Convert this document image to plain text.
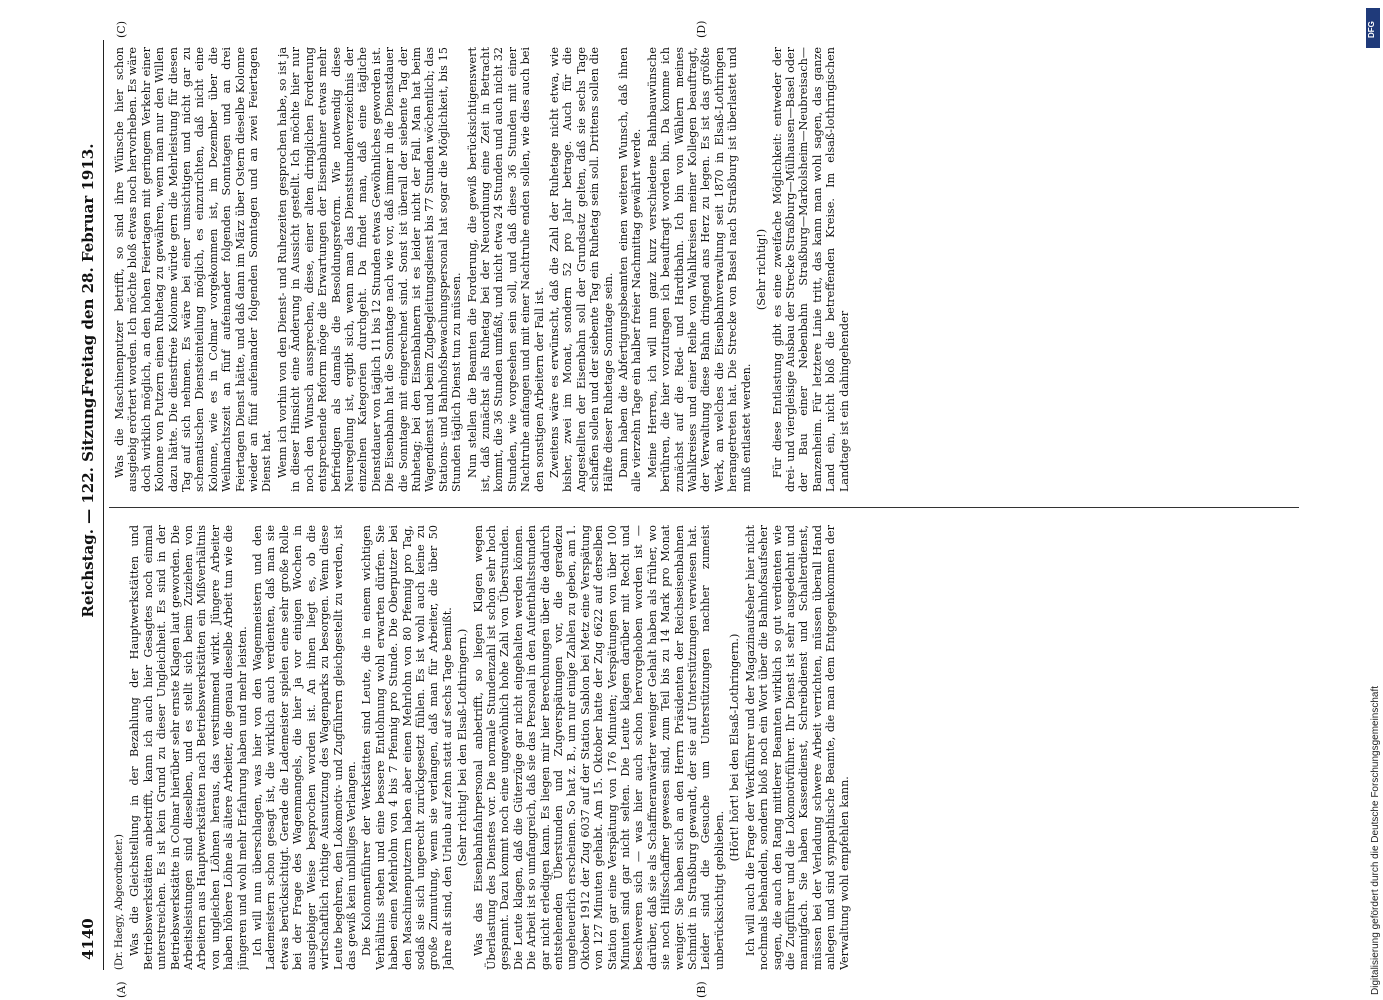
4140
Reichstag. — 122. Sitzung.
Freitag den 28. Februar 1913.

(Dr. Haegy, Abgeordneter.) Was die Gleichstellung in der Bezahlung der Hauptwerkstätten und Betriebswerkstätten anbetrifft, kann ich auch hier Gesagtes noch einmal unterstreichen. Es ist kein Grund zu dieser Ungleichheit. Es sind in der Betriebswerkstätte in Colmar hierüber sehr ernste Klagen laut geworden. Die Arbeitsleistungen sind dieselben, und es stellt sich beim Zuziehen von Arbeitern aus Hauptwerkstätten nach Betriebswerkstätten ein Mißverhältnis von ungleichen Löhnen heraus, das verstimmend wirkt. Jüngere Arbeiter haben höhere Löhne als ältere Arbeiter, die genau dieselbe Arbeit tun wie die jüngeren und wohl mehr Erfahrung haben und mehr leisten. Ich will nun überschlagen, was hier von den Wagenmeistern und den Lademeistern schon gesagt ist, die wirklich auch verdienten, daß man sie etwas berücksichtigt. Gerade die Lademeister spielen eine sehr große Rolle bei der Frage des Wagenmangels, die hier ja vor einigen Wochen in ausgiebiger Weise besprochen worden ist. An ihnen liegt es, ob die wirtschaftlich richtige Ausnutzung des Wagenparks zu besorgen. Wenn diese Leute begehren, den Lokomotiv- und Zugführern gleichgestellt zu werden, ist das gewiß kein unbilliges Verlangen. Die Kolonnenführer der Werkstätten sind Leute, die in einem wichtigen Verhältnis stehen und eine bessere Entlohnung wohl erwarten dürfen. Sie haben einen Mehrlohn von 4 bis 7 Pfennig pro Stunde. Die Oberputzer bei den Maschinenputzern haben aber einen Mehrlohn von 80 Pfennig pro Tag, sodaß sie sich ungerecht zurückgesetzt fühlen. Es ist wohl auch keine zu große Zumutung, wenn sie verlangen, daß man für Arbeiter, die über 50 Jahre alt sind, den Urlaub auf zehn statt auf sechs Tage bemißt. (Sehr richtig! bei den Elsaß-Lothringern.) Was das Eisenbahnfahrpersonal anbetrifft, so liegen Klagen wegen Überlastung des Dienstes vor. Die normale Stundenzahl ist schon sehr hoch gespannt. Dazu kommt noch eine ungewöhnlich hohe Zahl von Überstunden. Die Leute klagen, daß die Güterzüge gar nicht eingehalten werden können. Die Arbeit ist so umfangreich, daß sie das Personal in den Aufenthaltsstunden gar nicht erledigen kann. Es liegen mir hier Berechnungen über die dadurch entstehenden Überstunden und Zugverspätungen vor, die geradezu ungeheuerlich erscheinen. So hat z. B., um nur einige Zahlen zu geben, am 1. Oktober 1912 der Zug 6037 auf der Station Sablon bei Metz eine Verspätung von 127 Minuten gehabt. Am 15. Oktober hatte der Zug 6622 auf derselben Station gar eine Verspätung von 176 Minuten; Verspätungen von über 100 Minuten sind gar nicht selten. Die Leute klagen darüber mit Recht und beschweren sich — was hier auch schon hervorgehoben worden ist — darüber, daß sie als Schaffneranwärter weniger Gehalt haben als früher, wo sie noch Hilfsschaffner gewesen sind, zum Teil bis zu 14 Mark pro Monat weniger. Sie haben sich an den Herrn Präsidenten der Reichseisenbahnen Schmidt in Straßburg gewandt, der sie auf Unterstützungen verwiesen hat. Leider sind die Gesuche um Unterstützungen nachher zumeist unberücksichtigt geblieben.

(Hört! hört! bei den Elsaß-Lothringern.) Ich will auch die Frage der Werkführer und der Magazinaufseher hier nicht nochmals behandeln, sondern bloß noch ein Wort über die Bahnhofsaufseher sagen, die auch den Rang mittlerer Beamten wirklich so gut verdienten wie die Zugführer und die Lokomotivführer. Ihr Dienst ist sehr ausgedehnt und mannigfach. Sie haben Kassendienst, Schreibdienst und Schalterdienst, müssen bei der Verladung schwere Arbeit verrichten, müssen überall Hand anlegen und sind sympathische Beamte, die man dem Entgegenkommen der Verwaltung wohl empfehlen kann.

Was die Maschinenputzer betrifft, so sind ihre Wünsche hier schon ausgiebig erörtert worden. Ich möchte bloß etwas noch hervorheben. Es wäre doch wirklich möglich, an den hohen Feiertagen mit geringem Verkehr einer Kolonne von Putzern einen Ruhetag zu gewähren, wenn man nur den Willen dazu hätte. Die dienstfreie Kolonne würde gern die Mehrleistung für diesen Tag auf sich nehmen. Es wäre bei einer umsichtigen und nicht gar zu schematischen Diensteinteilung möglich, es einzurichten, daß nicht eine Kolonne, wie es in Colmar vorgekommen ist, im Dezember über die Weihnachtszeit an fünf aufeinander folgenden Sonntagen und an drei Feiertagen Dienst hätte, und daß dann im März über Ostern dieselbe Kolonne wieder an fünf aufeinander folgenden Sonntagen und an zwei Feiertagen Dienst hat. Wenn ich vorhin von den Dienst- und Ruhezeiten gesprochen habe, so ist ja in dieser Hinsicht eine Änderung in Aussicht gestellt. Ich möchte hier nur noch den Wunsch aussprechen, diese, einer alten dringlichen Forderung entsprechende Reform möge die Erwartungen der Eisenbahner etwas mehr befriedigen als damals die Besoldungsreform. Wie notwendig diese Neuregelung ist, ergibt sich, wenn man das Dienststundenverzeichnis der einzelnen Kategorien durchgeht. Da findet man, daß eine tägliche Dienstdauer von täglich 11 bis 12 Stunden etwas Gewöhnliches geworden ist. Die Eisenbahn hat die Sonntage nach wie vor, daß immer in die Dienstdauer die Sonntage mit eingerechnet sind. Sonst ist überall der siebente Tag der Ruhetag; bei den Eisenbahnern ist es leider nicht der Fall. Man hat beim Wagendienst und beim Zugbegleitungsdienst bis 77 Stunden wöchentlich; das Stations- und Bahnhofsbewachungspersonal hat sogar die Möglichkeit, bis 15 Stunden täglich Dienst tun zu müssen. Nun stellen die Beamten die Forderung, die gewiß berücksichtigenswert ist, daß zunächst als Ruhetag bei der Neuordnung eine Zeit in Betracht kommt, die 36 Stunden umfaßt, und nicht etwa 24 Stunden und auch nicht 32 Stunden, wie vorgesehen sein soll, und daß diese 36 Stunden mit einer Nachtruhe anfangen und mit einer Nachtruhe enden sollen, wie dies auch bei den sonstigen Arbeitern der Fall ist. Zweitens wäre es erwünscht, daß die Zahl der Ruhetage nicht etwa, wie bisher, zwei im Monat, sondern 52 pro Jahr betrage. Auch für die Angestellten der Eisenbahn soll der Grundsatz gelten, daß sie sechs Tage schaffen sollen und der siebente Tag ein Ruhetag sein soll. Drittens sollen die Hälfte dieser Ruhetage Sonntage sein. Dann haben die Abfertigungsbeamten einen weiteren Wunsch, daß ihnen alle vierzehn Tage ein halber freier Nachmittag gewährt werde. Meine Herren, ich will nun ganz kurz verschiedene Bahnbauwünsche berühren, die hier vorzutragen ich beauftragt worden bin. Da komme ich zunächst auf die Ried- und Hardtbahn. Ich bin von Wählern meines Wahlkreises und einer Reihe von Wahlkreisen meiner Kollegen beauftragt, der Verwaltung diese Bahn dringend ans Herz zu legen. Es ist das größte Werk, an welches die Eisenbahnverwaltung seit 1870 in Elsaß-Lothringen herangetreten hat. Die Strecke von Basel nach Straßburg ist überlastet und muß entlastet werden.

(Sehr richtig!) Für diese Entlastung gibt es eine zweifache Möglichkeit: entweder der drei- und viergleisige Ausbau der Strecke Straßburg—Mülhausen—Basel oder der Bau einer Nebenbahn Straßburg—Markolsheim—Neubreisach—Banzenheim. Für letztere Linie tritt, das kann man wohl sagen, das ganze Land ein, nicht bloß die betreffenden Kreise. Im elsaß-lothringischen Landtage ist ein dahingehender

(A)	(B)
(C)	(D)	DFG
Digitalisierung gefördert durch die Deutsche Forschungsgemeinschaft
